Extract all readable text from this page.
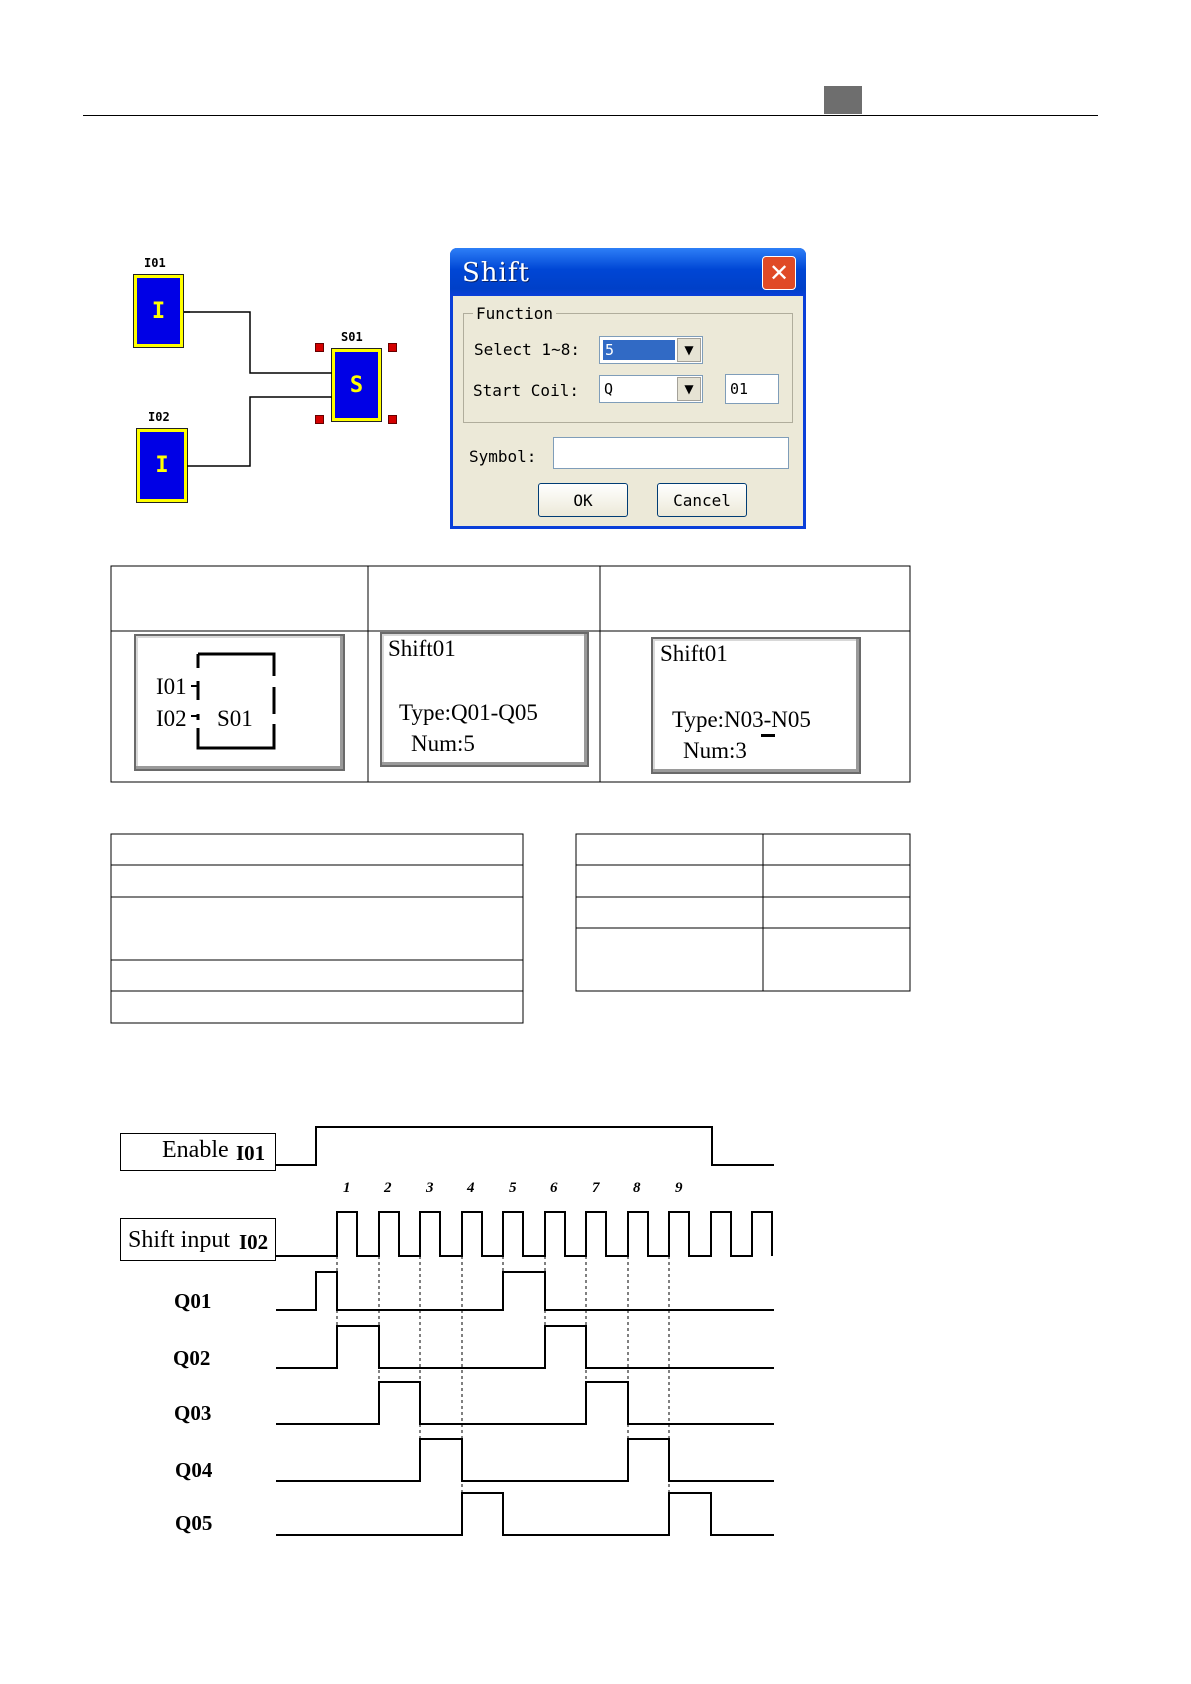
I01
I
I02
I
S01
S
Shift	✕
Function
Select 1~8: 5	▼
Start Coil: Q	▼	01
Symbol:
OK	Cancel
I01
I02 S01
Shift01
Type:Q01-Q05
Num:5
Shift01
Type:N03-N05
Num:3
Enable I01
Shift input I02
Q01
Q02
Q03
Q04
Q05
1 2 3 4 5 6 7 8 9
